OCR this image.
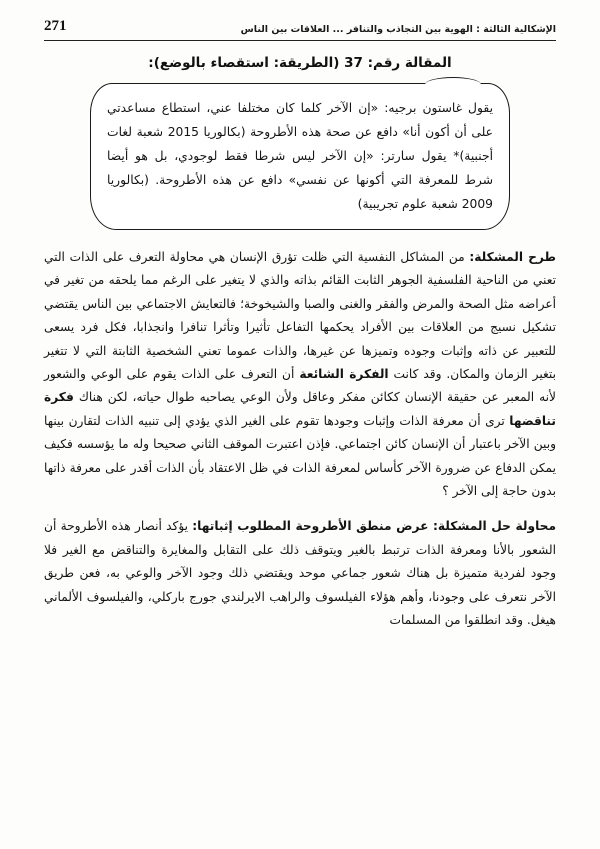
الإشكالية الثالثة : الهوية بين التجاذب والتنافر ... العلاقات بين الناس
271
المقالة رقم: 37 (الطريقة: استقصاء بالوضع):

يقول غاستون برجيه: «إن الآخر كلما كان مختلفا عني، استطاع مساعدتي على أن أكون أنا» دافع عن صحة هذه الأطروحة (بكالوريا 2015 شعبة لغات أجنبية)* يقول سارتر: «إن الآخر ليس شرطا فقط لوجودي، بل هو أيضا شرط للمعرفة التي أكونها عن نفسي» دافع عن هذه الأطروحة. (بكالوريا 2009 شعبة علوم تجريبية)

طرح المشكلة: من المشاكل النفسية التي ظلت تؤرق الإنسان هي محاولة التعرف على الذات التي تعني من الناحية الفلسفية الجوهر الثابت القائم بذاته والذي لا يتغير على الرغم مما يلحقه من تغير في أعراضه مثل الصحة والمرض والفقر والغنى والصبا والشيخوخة؛ فالتعايش الاجتماعي بين الناس يقتضي تشكيل نسيج من العلاقات بين الأفراد يحكمها التفاعل تأثيرا وتأثرا تنافرا وانجذابا، فكل فرد يسعى للتعبير عن ذاته وإثبات وجوده وتميزها عن غيرها، والذات عموما تعني الشخصية الثابتة التي لا تتغير بتغير الزمان والمكان. وقد كانت الفكرة الشائعة أن التعرف على الذات يقوم على الوعي والشعور لأنه المعبر عن حقيقة الإنسان ككائن مفكر وعاقل ولأن الوعي يصاحبه طوال حياته، لكن هناك فكرة تناقضها ترى أن معرفة الذات وإثبات وجودها تقوم على الغير الذي يؤدي إلى تنبيه الذات لتقارن بينها وبين الآخر باعتبار أن الإنسان كائن اجتماعي. فإذن اعتبرت الموقف الثاني صحيحا وله ما يؤسسه فكيف يمكن الدفاع عن ضرورة الآخر كأساس لمعرفة الذات في ظل الاعتقاد بأن الذات أقدر على معرفة ذاتها بدون حاجة إلى الآخر ؟

محاولة حل المشكلة: عرض منطق الأطروحة المطلوب إثباتها: يؤكد أنصار هذه الأطروحة أن الشعور بالأنا ومعرفة الذات ترتبط بالغير ويتوقف ذلك على التقابل والمغايرة والتناقض مع الغير فلا وجود لفردية متميزة بل هناك شعور جماعي موحد ويقتضي ذلك وجود الآخر والوعي به، فعن طريق الآخر نتعرف على وجودنا، وأهم هؤلاء الفيلسوف والراهب الايرلندي جورج باركلي، والفيلسوف الألماني هيغل. وقد انطلقوا من المسلمات
